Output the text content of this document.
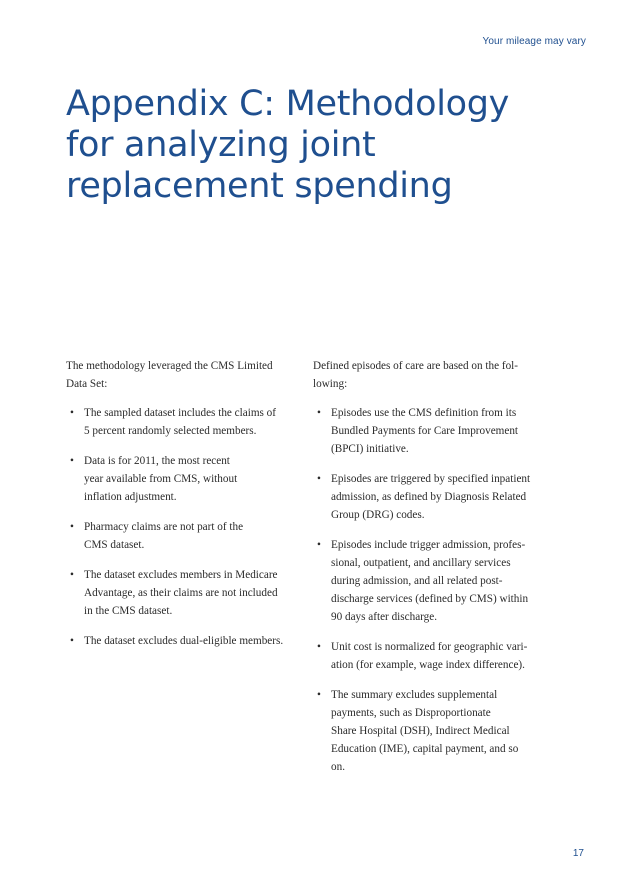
Your mileage may vary
Appendix C: Methodology
for analyzing joint
replacement spending

The methodology leveraged the CMS Limited
Data Set:

• The sampled dataset includes the claims of
5 percent randomly selected members.
• Data is for 2011, the most recent
year available from CMS, without
inflation adjustment.
• Pharmacy claims are not part of the
CMS dataset.
• The dataset excludes members in Medicare
Advantage, as their claims are not included
in the CMS dataset.
• The dataset excludes dual-eligible members.

Defined episodes of care are based on the fol-
lowing:

• Episodes use the CMS definition from its
Bundled Payments for Care Improvement
(BPCI) initiative.
• Episodes are triggered by specified inpatient
admission, as defined by Diagnosis Related
Group (DRG) codes.
• Episodes include trigger admission, profes-
sional, outpatient, and ancillary services
during admission, and all related post-
discharge services (defined by CMS) within
90 days after discharge.
• Unit cost is normalized for geographic vari-
ation (for example, wage index difference).
• The summary excludes supplemental
payments, such as Disproportionate
Share Hospital (DSH), Indirect Medical
Education (IME), capital payment, and so
on.
17
